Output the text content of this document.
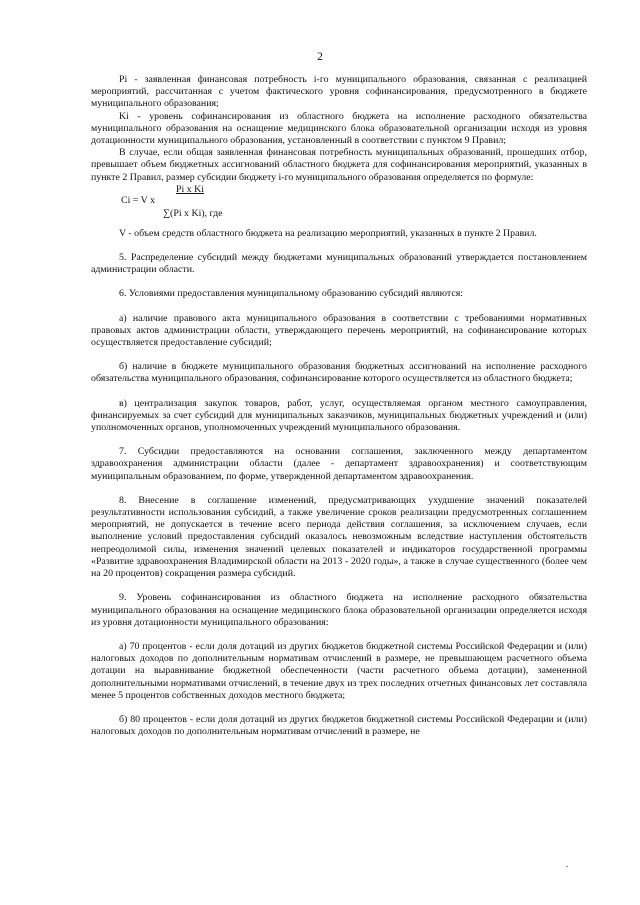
2

Pi - заявленная финансовая потребность i-го муниципального образования, связанная с реализацией мероприятий, рассчитанная с учетом фактического уровня софинансирования, предусмотренного в бюджете муниципального образования;

Ki - уровень софинансирования из областного бюджета на исполнение расходного обязательства муниципального образования на оснащение медицинского блока образовательной организации исходя из уровня дотационности муниципального образования, установленный в соответствии с пунктом 9 Правил;

В случае, если общая заявленная финансовая потребность муниципальных образований, прошедших отбор, превышает объем бюджетных ассигнований областного бюджета для софинансирования мероприятий, указанных в пункте 2 Правил, размер субсидии бюджету i-го муниципального образования определяется по формуле:

Pi x Ki
Ci = V x
∑(Pi x Ki), где

V - объем средств областного бюджета на реализацию мероприятий, указанных в пункте 2 Правил.

5. Распределение субсидий между бюджетами муниципальных образований утверждается постановлением администрации области.

6. Условиями предоставления муниципальному образованию субсидий являются:

а) наличие правового акта муниципального образования в соответствии с требованиями нормативных правовых актов администрации области, утверждающего перечень мероприятий, на софинансирование которых осуществляется предоставление субсидий;

б) наличие в бюджете муниципального образования бюджетных ассигнований на исполнение расходного обязательства муниципального образования, софинансирование которого осуществляется из областного бюджета;

в) централизация закупок товаров, работ, услуг, осуществляемая органом местного самоуправления, финансируемых за счет субсидий для муниципальных заказчиков, муниципальных бюджетных учреждений и (или) уполномоченных органов, уполномоченных учреждений муниципального образования.

7. Субсидии предоставляются на основании соглашения, заключенного между департаментом здравоохранения администрации области (далее - департамент здравоохранения) и соответствующим муниципальным образованием, по форме, утвержденной департаментом здравоохранения.

8. Внесение в соглашение изменений, предусматривающих ухудшение значений показателей результативности использования субсидий, а также увеличение сроков реализации предусмотренных соглашением мероприятий, не допускается в течение всего периода действия соглашения, за исключением случаев, если выполнение условий предоставления субсидий оказалось невозможным вследствие наступления обстоятельств непреодолимой силы, изменения значений целевых показателей и индикаторов государственной программы «Развитие здравоохранения Владимирской области на 2013 - 2020 годы», а также в случае существенного (более чем на 20 процентов) сокращения размера субсидий.

9. Уровень софинансирования из областного бюджета на исполнение расходного обязательства муниципального образования на оснащение медицинского блока образовательной организации определяется исходя из уровня дотационности муниципального образования:

а) 70 процентов - если доля дотаций из других бюджетов бюджетной системы Российской Федерации и (или) налоговых доходов по дополнительным нормативам отчислений в размере, не превышающем расчетного объема дотации на выравнивание бюджетной обеспеченности (части расчетного объема дотации), замененной дополнительными нормативами отчислений, в течение двух из трех последних отчетных финансовых лет составляла менее 5 процентов собственных доходов местного бюджета;

б) 80 процентов - если доля дотаций из других бюджетов бюджетной системы Российской Федерации и (или) налоговых доходов по дополнительным нормативам отчислений в размере, не
